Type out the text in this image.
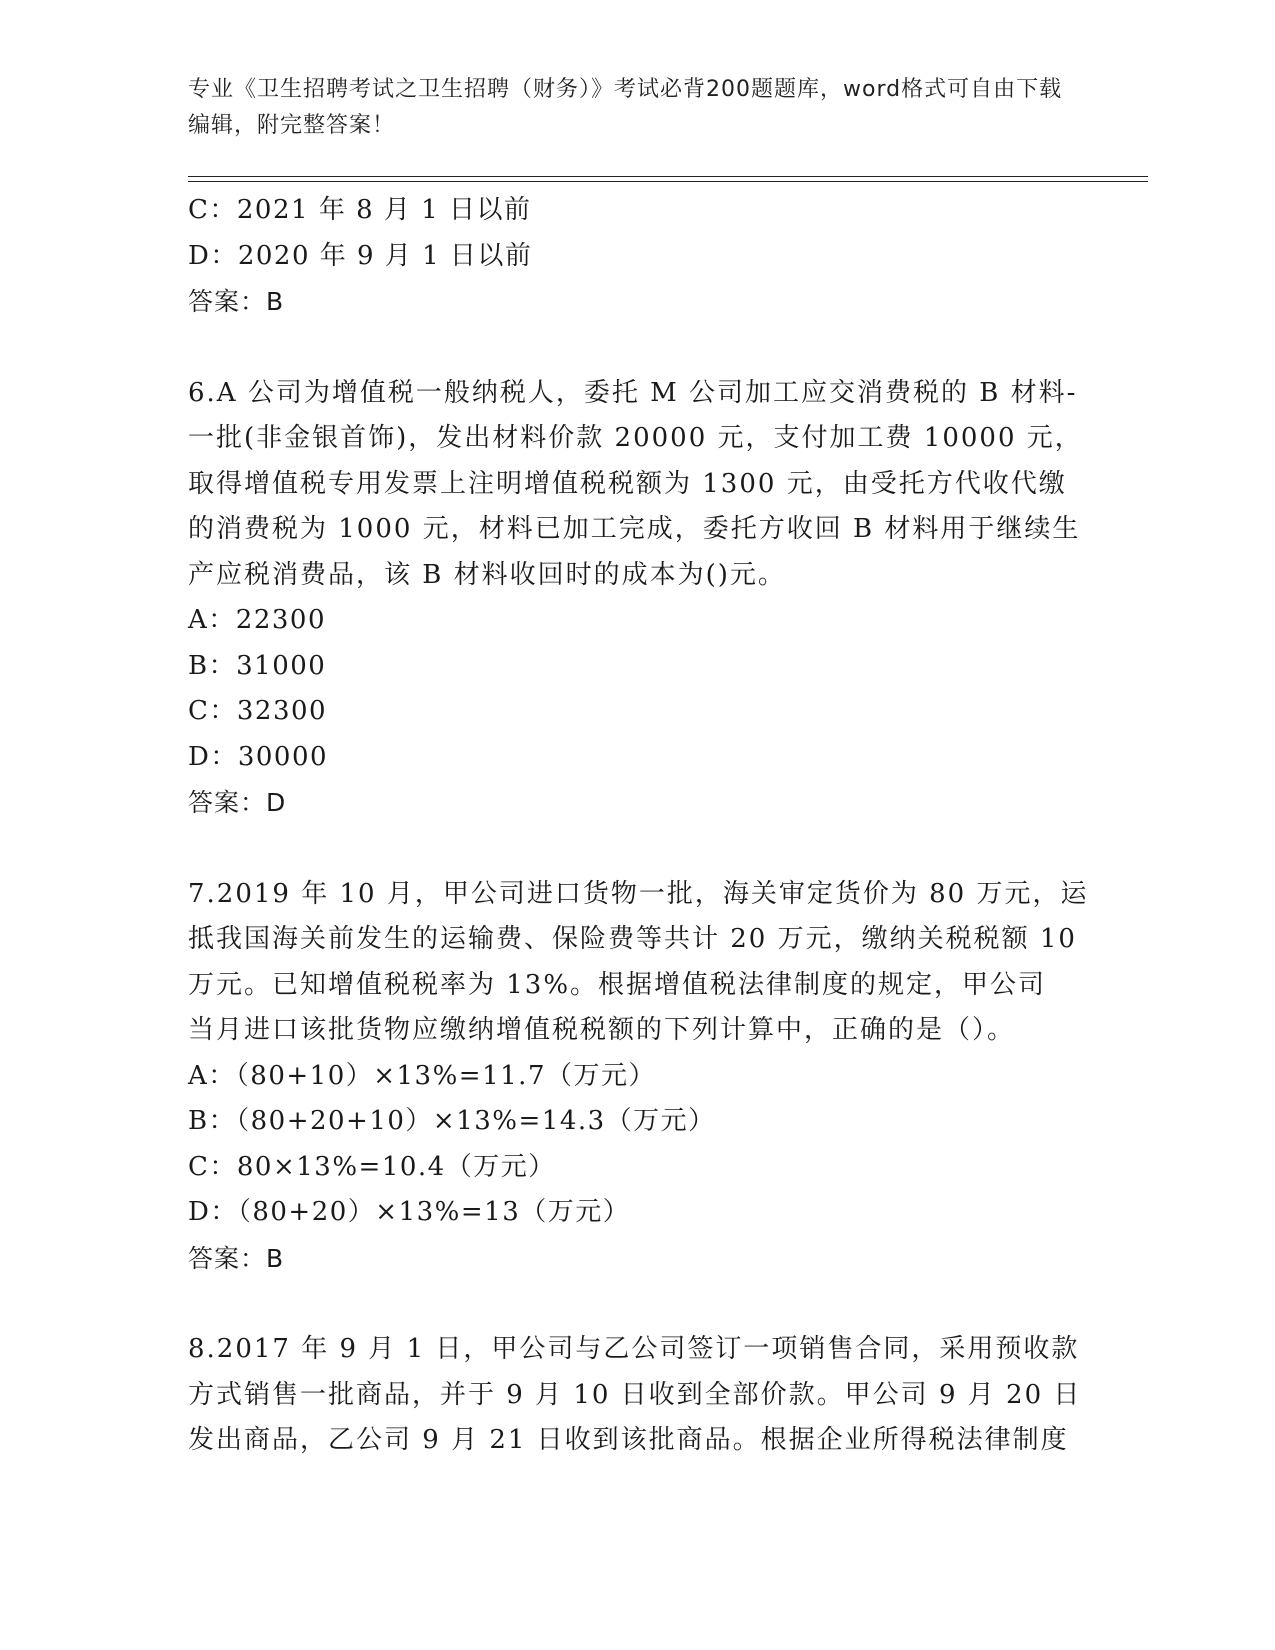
专业《卫生招聘考试之卫生招聘（财务）》考试必背200题题库，word格式可自由下载编辑，附完整答案！
C：2021 年 8 月 1 日以前
D：2020 年 9 月 1 日以前
答案：B
6.A 公司为增值税一般纳税人，委托 M 公司加工应交消费税的 B 材料-
一批(非金银首饰)，发出材料价款 20000 元，支付加工费 10000 元，
取得增值税专用发票上注明增值税税额为 1300 元，由受托方代收代缴
的消费税为 1000 元，材料已加工完成，委托方收回 B 材料用于继续生
产应税消费品，该 B 材料收回时的成本为()元。
A：22300
B：31000
C：32300
D：30000
答案：D
7.2019 年 10 月，甲公司进口货物一批，海关审定货价为 80 万元，运
抵我国海关前发生的运输费、保险费等共计 20 万元，缴纳关税税额 10
万元。已知增值税税率为 13%。根据增值税法律制度的规定，甲公司
当月进口该批货物应缴纳增值税税额的下列计算中，正确的是（）。
A：（80+10）×13%=11.7（万元）
B：（80+20+10）×13%=14.3（万元）
C：80×13%=10.4（万元）
D：（80+20）×13%=13（万元）
答案：B
8.2017 年 9 月 1 日，甲公司与乙公司签订一项销售合同，采用预收款
方式销售一批商品，并于 9 月 10 日收到全部价款。甲公司 9 月 20 日
发出商品，乙公司 9 月 21 日收到该批商品。根据企业所得税法律制度
